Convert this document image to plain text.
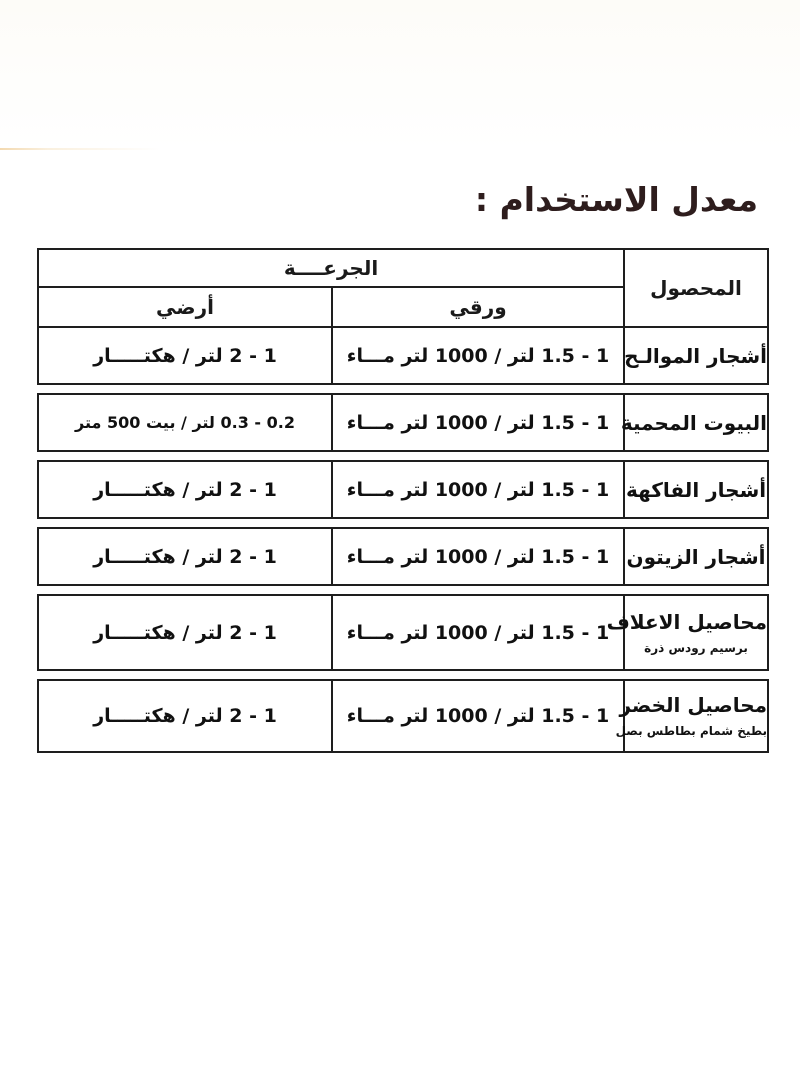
معدل الاستخدام :
المحصول	الجرعــــة	
	ورقي	أرضي
أشجار الموالـح	1 - 1.5 لتر / 1000 لتر مـــاء	1 - 2 لتر / هكتـــــار

البيوت المحمية	1 - 1.5 لتر / 1000 لتر مـــاء	0.2 - 0.3 لتر / بيت 500 متر

أشجار الفاكهة	1 - 1.5 لتر / 1000 لتر مـــاء	1 - 2 لتر / هكتـــــار

أشجار الزيتون	1 - 1.5 لتر / 1000 لتر مـــاء	1 - 2 لتر / هكتـــــار

محاصيل الاعلاف
برسيم رودس ذرة	1 - 1.5 لتر / 1000 لتر مـــاء	1 - 2 لتر / هكتـــــار

محاصيل الخضر
بطيخ شمام بطاطس بصل	1 - 1.5 لتر / 1000 لتر مـــاء	1 - 2 لتر / هكتـــــار
